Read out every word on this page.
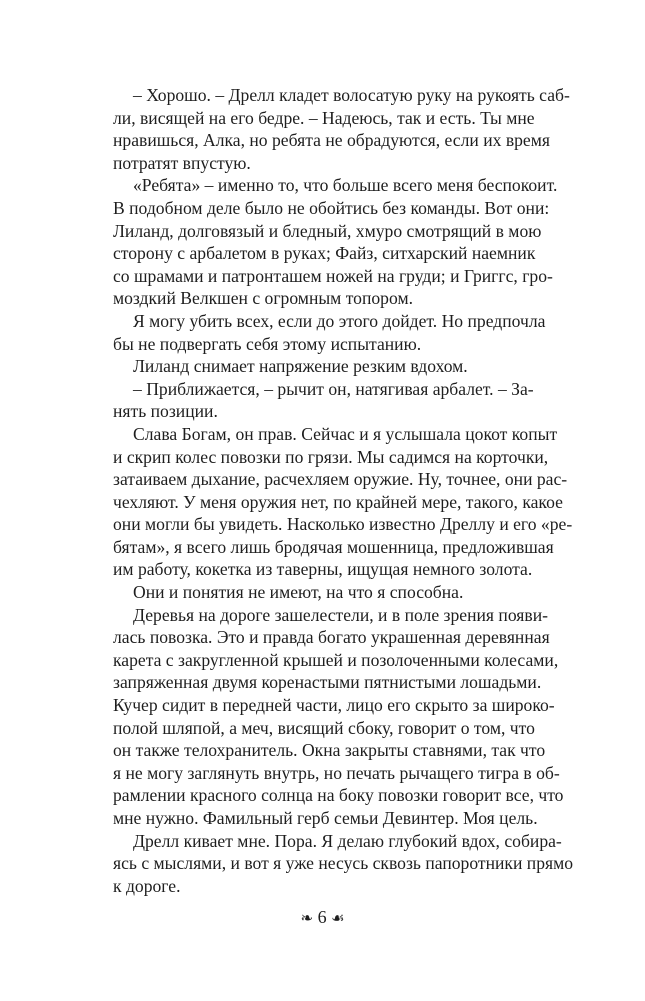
– Хорошо. – Дрелл кладет волосатую руку на рукоять саб-
ли, висящей на его бедре. – Надеюсь, так и есть. Ты мне
нравишься, Алка, но ребята не обрадуются, если их время
потратят впустую.
«Ребята» – именно то, что больше всего меня беспокоит.
В подобном деле было не обойтись без команды. Вот они:
Лиланд, долговязый и бледный, хмуро смотрящий в мою
сторону с арбалетом в руках; Файз, ситхарский наемник
со шрамами и патронташем ножей на груди; и Григгс, гро-
моздкий Велкшен с огромным топором.
Я могу убить всех, если до этого дойдет. Но предпочла
бы не подвергать себя этому испытанию.
Лиланд снимает напряжение резким вдохом.
– Приближается, – рычит он, натягивая арбалет. – За-
нять позиции.
Слава Богам, он прав. Сейчас и я услышала цокот копыт
и скрип колес повозки по грязи. Мы садимся на корточки,
затаиваем дыхание, расчехляем оружие. Ну, точнее, они рас-
чехляют. У меня оружия нет, по крайней мере, такого, какое
они могли бы увидеть. Насколько известно Дреллу и его «ре-
бятам», я всего лишь бродячая мошенница, предложившая
им работу, кокетка из таверны, ищущая немного золота.
Они и понятия не имеют, на что я способна.
Деревья на дороге зашелестели, и в поле зрения появи-
лась повозка. Это и правда богато украшенная деревянная
карета с закругленной крышей и позолоченными колесами,
запряженная двумя коренастыми пятнистыми лошадьми.
Кучер сидит в передней части, лицо его скрыто за широко-
полой шляпой, а меч, висящий сбоку, говорит о том, что
он также телохранитель. Окна закрыты ставнями, так что
я не могу заглянуть внутрь, но печать рычащего тигра в об-
рамлении красного солнца на боку повозки говорит все, что
мне нужно. Фамильный герб семьи Девинтер. Моя цель.
Дрелл кивает мне. Пора. Я делаю глубокий вдох, собира-
ясь с мыслями, и вот я уже несусь сквозь папоротники прямо
к дороге.
❧ 6 ☙
